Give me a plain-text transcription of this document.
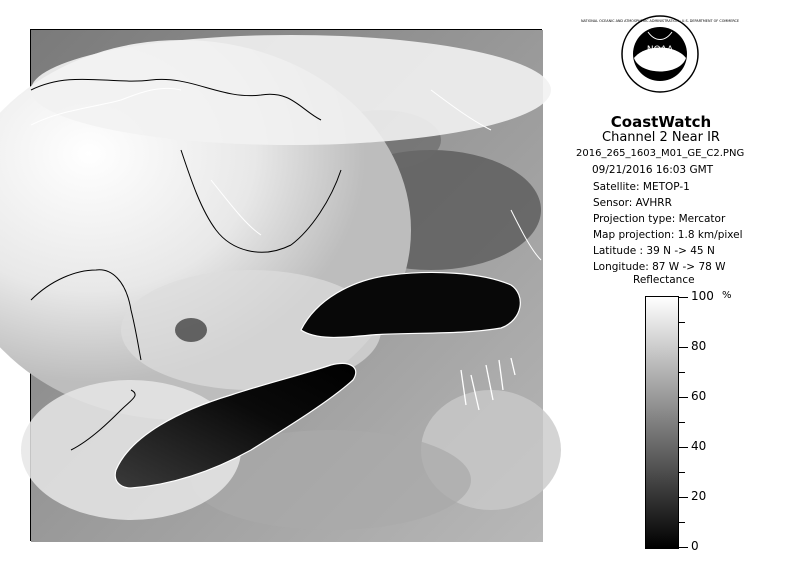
NOAA
NATIONAL OCEANIC AND ATMOSPHERIC ADMINISTRATION · U.S. DEPARTMENT OF COMMERCE
CoastWatch
Channel 2 Near IR
2016_265_1603_M01_GE_C2.PNG
09/21/2016 16:03 GMT
Satellite: METOP-1
Sensor: AVHRR
Projection type: Mercator
Map projection: 1.8 km/pixel
Latitude : 39 N -> 45 N
Longitude: 87 W -> 78 W
Reflectance
%
100
80
60
40
20
0
